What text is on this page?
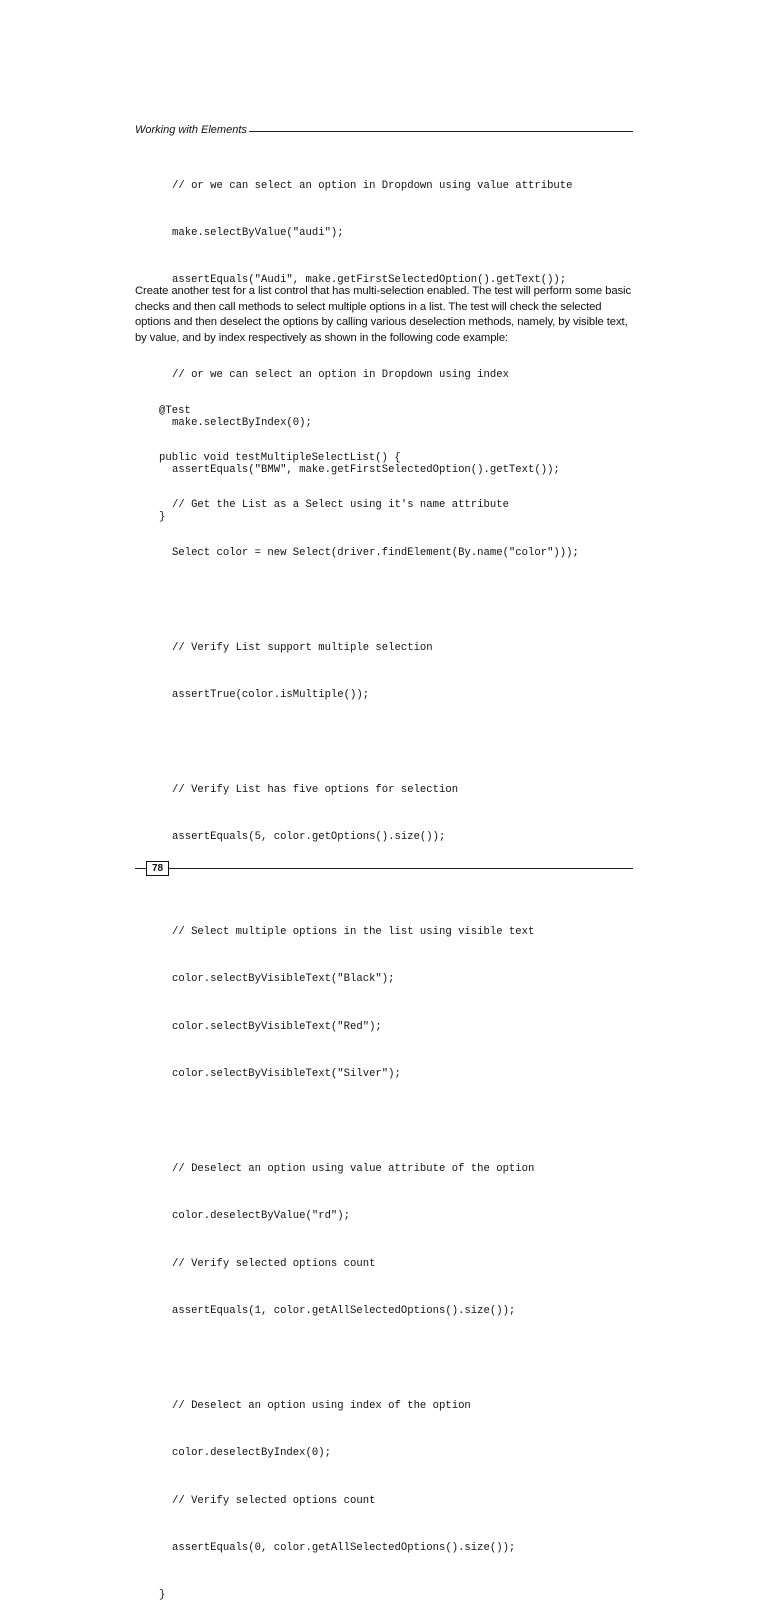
Working with Elements

// or we can select an option in Dropdown using value attribute

make.selectByValue("audi");

assertEquals("Audi", make.getFirstSelectedOption().getText());

// or we can select an option in Dropdown using index

make.selectByIndex(0);

assertEquals("BMW", make.getFirstSelectedOption().getText());

}

Create another test for a list control that has multi-selection enabled. The test will perform some basic checks and then call methods to select multiple options in a list. The test will check the selected options and then deselect the options by calling various deselection methods, namely, by visible text, by value, and by index respectively as shown in the following code example:

@Test

public void testMultipleSelectList() {

// Get the List as a Select using it's name attribute

Select color = new Select(driver.findElement(By.name("color")));

// Verify List support multiple selection

assertTrue(color.isMultiple());

// Verify List has five options for selection

assertEquals(5, color.getOptions().size());

// Select multiple options in the list using visible text

color.selectByVisibleText("Black");

color.selectByVisibleText("Red");

color.selectByVisibleText("Silver");

// Deselect an option using value attribute of the option

color.deselectByValue("rd");

// Verify selected options count

assertEquals(1, color.getAllSelectedOptions().size());

// Deselect an option using index of the option

color.deselectByIndex(0);

// Verify selected options count

assertEquals(0, color.getAllSelectedOptions().size());

}

78
